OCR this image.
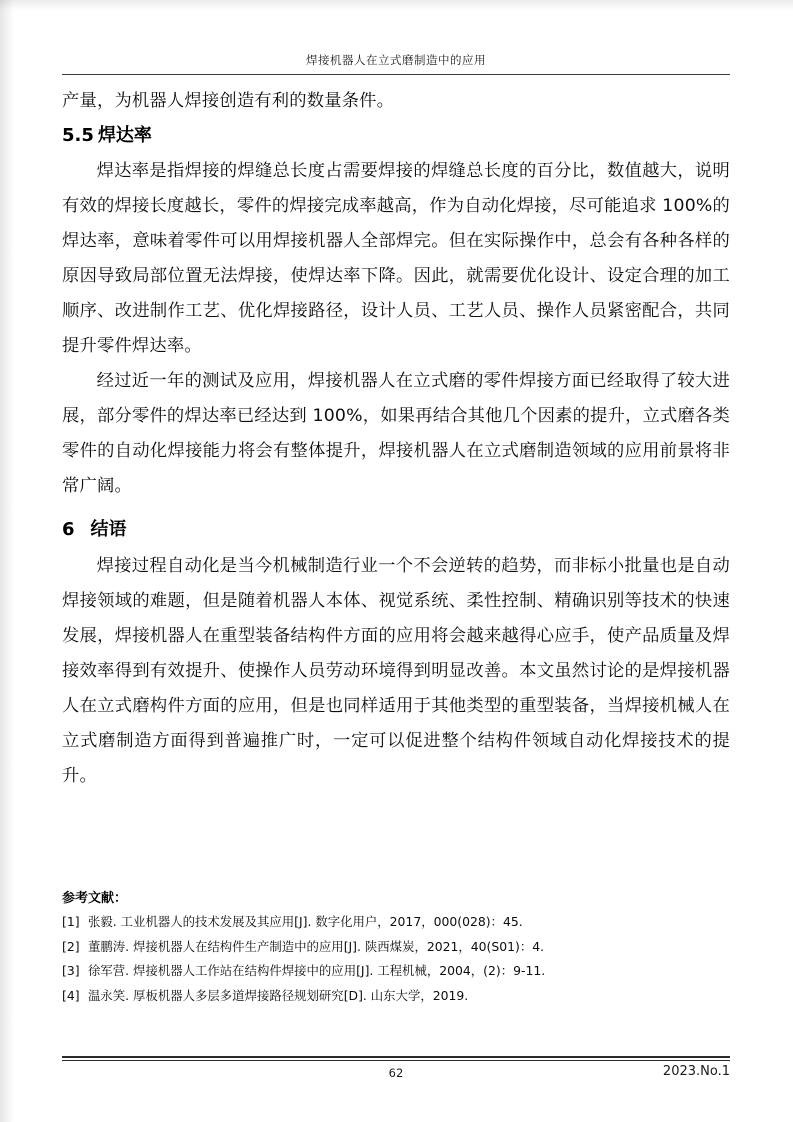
焊接机器人在立式磨制造中的应用

产量，为机器人焊接创造有利的数量条件。

5.5 焊达率

焊达率是指焊接的焊缝总长度占需要焊接的焊缝总长度的百分比，数值越大，说明有效的焊接长度越长，零件的焊接完成率越高，作为自动化焊接，尽可能追求 100%的焊达率，意味着零件可以用焊接机器人全部焊完。但在实际操作中，总会有各种各样的原因导致局部位置无法焊接，使焊达率下降。因此，就需要优化设计、设定合理的加工顺序、改进制作工艺、优化焊接路径，设计人员、工艺人员、操作人员紧密配合，共同提升零件焊达率。

经过近一年的测试及应用，焊接机器人在立式磨的零件焊接方面已经取得了较大进展，部分零件的焊达率已经达到 100%，如果再结合其他几个因素的提升，立式磨各类零件的自动化焊接能力将会有整体提升，焊接机器人在立式磨制造领域的应用前景将非常广阔。

6 结语

焊接过程自动化是当今机械制造行业一个不会逆转的趋势，而非标小批量也是自动焊接领域的难题，但是随着机器人本体、视觉系统、柔性控制、精确识别等技术的快速发展，焊接机器人在重型装备结构件方面的应用将会越来越得心应手，使产品质量及焊接效率得到有效提升、使操作人员劳动环境得到明显改善。本文虽然讨论的是焊接机器人在立式磨构件方面的应用，但是也同样适用于其他类型的重型装备，当焊接机械人在立式磨制造方面得到普遍推广时，一定可以促进整个结构件领域自动化焊接技术的提升。

参考文献：
[1] 张毅. 工业机器人的技术发展及其应用[J]. 数字化用户，2017，000(028)：45.
[2] 董鹏涛. 焊接机器人在结构件生产制造中的应用[J]. 陕西煤炭，2021，40(S01)：4.
[3] 徐军营. 焊接机器人工作站在结构件焊接中的应用[J]. 工程机械，2004，(2)：9-11.
[4] 温永笑. 厚板机器人多层多道焊接路径规划研究[D]. 山东大学，2019.
62	2023.No.1
